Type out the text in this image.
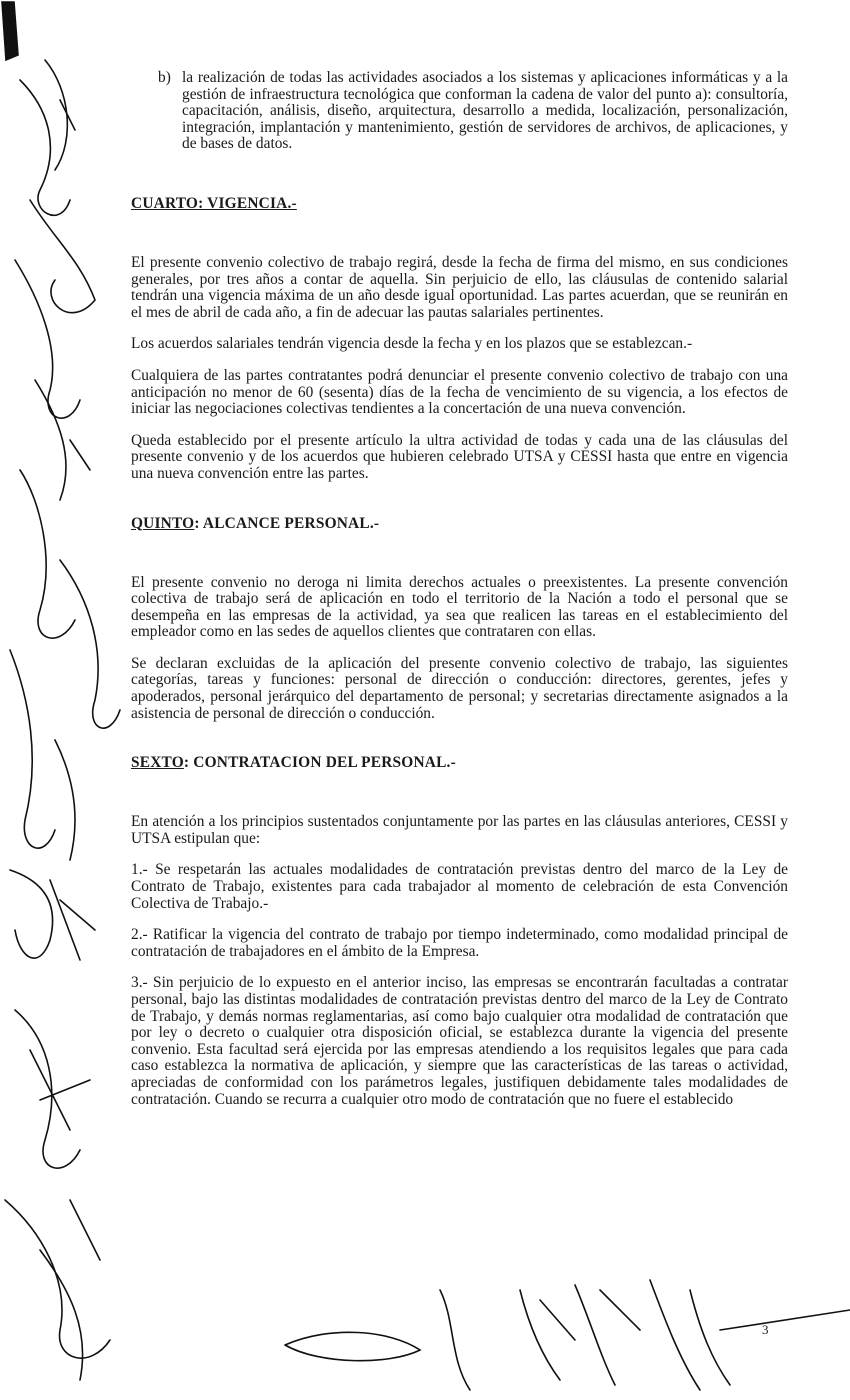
b) la realización de todas las actividades asociados a los sistemas y aplicaciones informáticas y a la gestión de infraestructura tecnológica que conforman la cadena de valor del punto a): consultoría, capacitación, análisis, diseño, arquitectura, desarrollo a medida, localización, personalización, integración, implantación y mantenimiento, gestión de servidores de archivos, de aplicaciones, y de bases de datos.

CUARTO: VIGENCIA.-

El presente convenio colectivo de trabajo regirá, desde la fecha de firma del mismo, en sus condiciones generales, por tres años a contar de aquella. Sin perjuicio de ello, las cláusulas de contenido salarial tendrán una vigencia máxima de un año desde igual oportunidad. Las partes acuerdan, que se reunirán en el mes de abril de cada año, a fin de adecuar las pautas salariales pertinentes.

Los acuerdos salariales tendrán vigencia desde la fecha y en los plazos que se establezcan.-

Cualquiera de las partes contratantes podrá denunciar el presente convenio colectivo de trabajo con una anticipación no menor de 60 (sesenta) días de la fecha de vencimiento de su vigencia, a los efectos de iniciar las negociaciones colectivas tendientes a la concertación de una nueva convención.

Queda establecido por el presente artículo la ultra actividad de todas y cada una de las cláusulas del presente convenio y de los acuerdos que hubieren celebrado UTSA y CESSI hasta que entre en vigencia una nueva convención entre las partes.

QUINTO: ALCANCE PERSONAL.-

El presente convenio no deroga ni limita derechos actuales o preexistentes. La presente convención colectiva de trabajo será de aplicación en todo el territorio de la Nación a todo el personal que se desempeña en las empresas de la actividad, ya sea que realicen las tareas en el establecimiento del empleador como en las sedes de aquellos clientes que contrataren con ellas.

Se declaran excluidas de la aplicación del presente convenio colectivo de trabajo, las siguientes categorías, tareas y funciones: personal de dirección o conducción: directores, gerentes, jefes y apoderados, personal jerárquico del departamento de personal; y secretarias directamente asignados a la asistencia de personal de dirección o conducción.

SEXTO: CONTRATACION DEL PERSONAL.-

En atención a los principios sustentados conjuntamente por las partes en las cláusulas anteriores, CESSI y UTSA estipulan que:

1.- Se respetarán las actuales modalidades de contratación previstas dentro del marco de la Ley de Contrato de Trabajo, existentes para cada trabajador al momento de celebración de esta Convención Colectiva de Trabajo.-

2.- Ratificar la vigencia del contrato de trabajo por tiempo indeterminado, como modalidad principal de contratación de trabajadores en el ámbito de la Empresa.

3.- Sin perjuicio de lo expuesto en el anterior inciso, las empresas se encontrarán facultadas a contratar personal, bajo las distintas modalidades de contratación previstas dentro del marco de la Ley de Contrato de Trabajo, y demás normas reglamentarias, así como bajo cualquier otra modalidad de contratación que por ley o decreto o cualquier otra disposición oficial, se establezca durante la vigencia del presente convenio. Esta facultad será ejercida por las empresas atendiendo a los requisitos legales que para cada caso establezca la normativa de aplicación, y siempre que las características de las tareas o actividad, apreciadas de conformidad con los parámetros legales, justifiquen debidamente tales modalidades de contratación. Cuando se recurra a cualquier otro modo de contratación que no fuere el establecido

3
